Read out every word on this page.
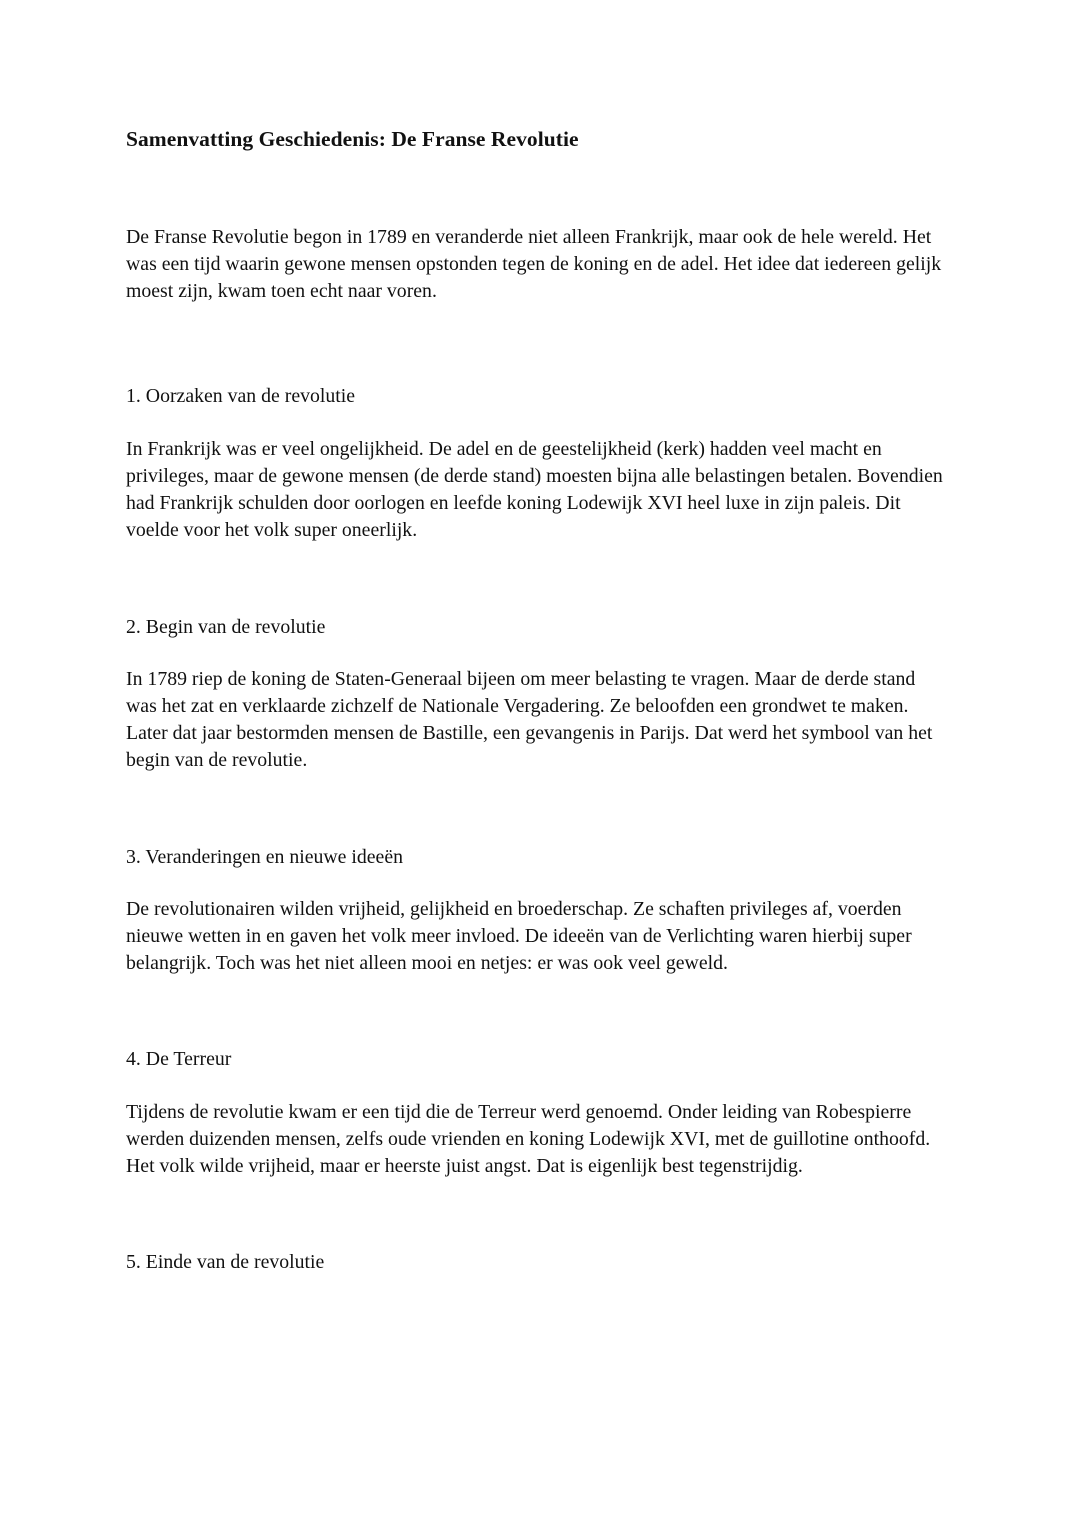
Samenvatting Geschiedenis: De Franse Revolutie

De Franse Revolutie begon in 1789 en veranderde niet alleen Frankrijk, maar ook de hele wereld. Het was een tijd waarin gewone mensen opstonden tegen de koning en de adel. Het idee dat iedereen gelijk moest zijn, kwam toen echt naar voren.

1. Oorzaken van de revolutie

In Frankrijk was er veel ongelijkheid. De adel en de geestelijkheid (kerk) hadden veel macht en privileges, maar de gewone mensen (de derde stand) moesten bijna alle belastingen betalen. Bovendien had Frankrijk schulden door oorlogen en leefde koning Lodewijk XVI heel luxe in zijn paleis. Dit voelde voor het volk super oneerlijk.

2. Begin van de revolutie

In 1789 riep de koning de Staten-Generaal bijeen om meer belasting te vragen. Maar de derde stand was het zat en verklaarde zichzelf de Nationale Vergadering. Ze beloofden een grondwet te maken. Later dat jaar bestormden mensen de Bastille, een gevangenis in Parijs. Dat werd het symbool van het begin van de revolutie.

3. Veranderingen en nieuwe ideeën

De revolutionairen wilden vrijheid, gelijkheid en broederschap. Ze schaften privileges af, voerden nieuwe wetten in en gaven het volk meer invloed. De ideeën van de Verlichting waren hierbij super belangrijk. Toch was het niet alleen mooi en netjes: er was ook veel geweld.

4. De Terreur

Tijdens de revolutie kwam er een tijd die de Terreur werd genoemd. Onder leiding van Robespierre werden duizenden mensen, zelfs oude vrienden en koning Lodewijk XVI, met de guillotine onthoofd. Het volk wilde vrijheid, maar er heerste juist angst. Dat is eigenlijk best tegenstrijdig.

5. Einde van de revolutie
